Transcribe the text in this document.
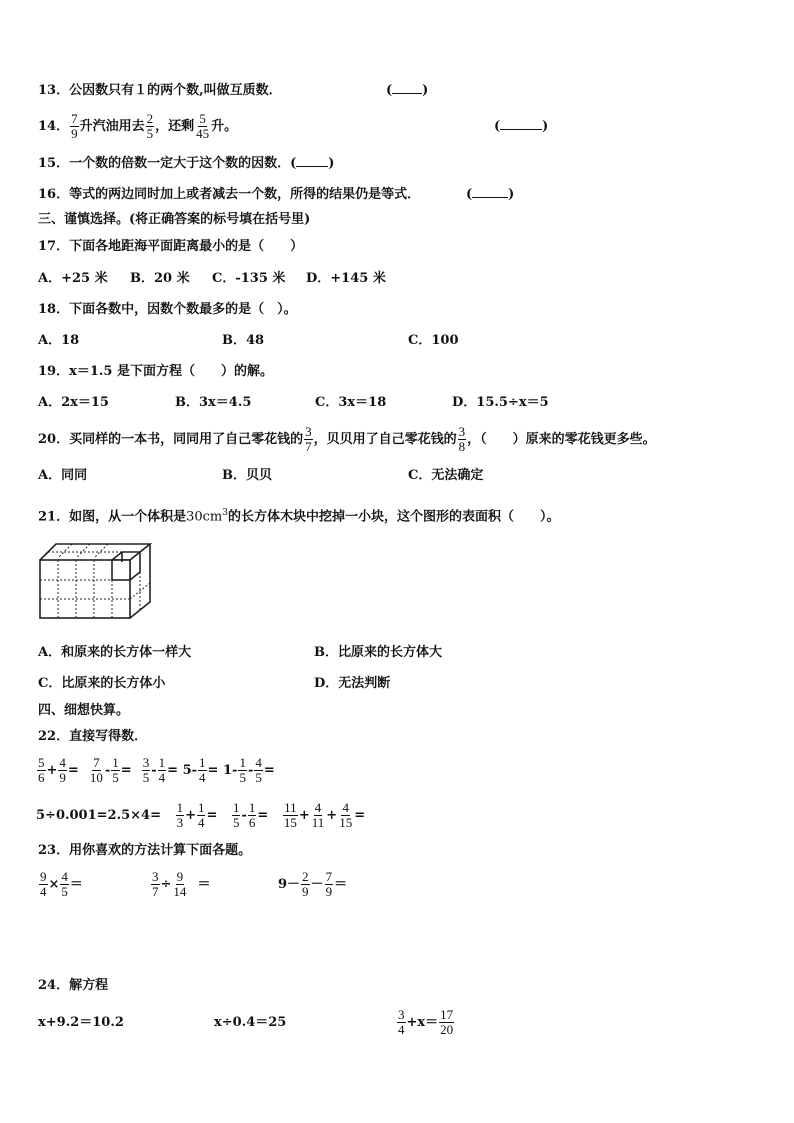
13．公因数只有１的两个数,叫做互质数．	( )
14． $\frac{7}{9}$ 升汽油用去 $\frac{2}{5}$ ，还剩 $\frac{5}{45}$ 升。	(	)
15．一个数的倍数一定大于这个数的因数．( )
16．等式的两边同时加上或者减去一个数，所得的结果仍是等式．	(	)
三、谨慎选择。(将正确答案的标号填在括号里)
17．下面各地距海平面距离最小的是（　　）
A．+25 米 B．20 米 C．-135 米 D．+145 米
18．下面各数中，因数个数最多的是（　）。
A．18	B．48	C．100
19．x＝1.5 是下面方程（　　）的解。
A．2x＝15	B．3x＝4.5	C．3x＝18	D．15.5÷x＝5
20．买同样的一本书，同同用了自己零花钱的 $\frac{3}{7}$ ，贝贝用了自己零花钱的 $\frac{3}{8}$ ，（　　）原来的零花钱更多些。
A．同同	B．贝贝	C．无法确定
21．如图，从一个体积是$30cm^3$的长方体木块中挖掉一小块，这个图形的表面积（　　）。
A．和原来的长方体一样大	B．比原来的长方体大
C．比原来的长方体小	D．无法判断
四、细想快算。
22．直接写得数．
$\frac{5}{6} + \frac{4}{9} = \frac{7}{10} - \frac{1}{5} = \frac{3}{5} - \frac{1}{4} = 5- \frac{1}{4} = 1- \frac{1}{5} - \frac{4}{5}$ =
$5\div 0.001=2.5\times 4= \frac{1}{3} + \frac{1}{4} = \frac{1}{5} - \frac{1}{6} = \frac{11}{15} + \frac{4}{11} + \frac{4}{15}$ =
23．用你喜欢的方法计算下面各题。
$\frac{9}{4} \times \frac{4}{5}$ ＝	$\frac{3}{7} \div \frac{9}{14}$ ＝	$9- \frac{2}{9} - \frac{7}{9}$ ＝
24．解方程
x+9.2＝10.2	x÷0.4＝25	$\frac{3}{4} +x= \frac{17}{20}$
